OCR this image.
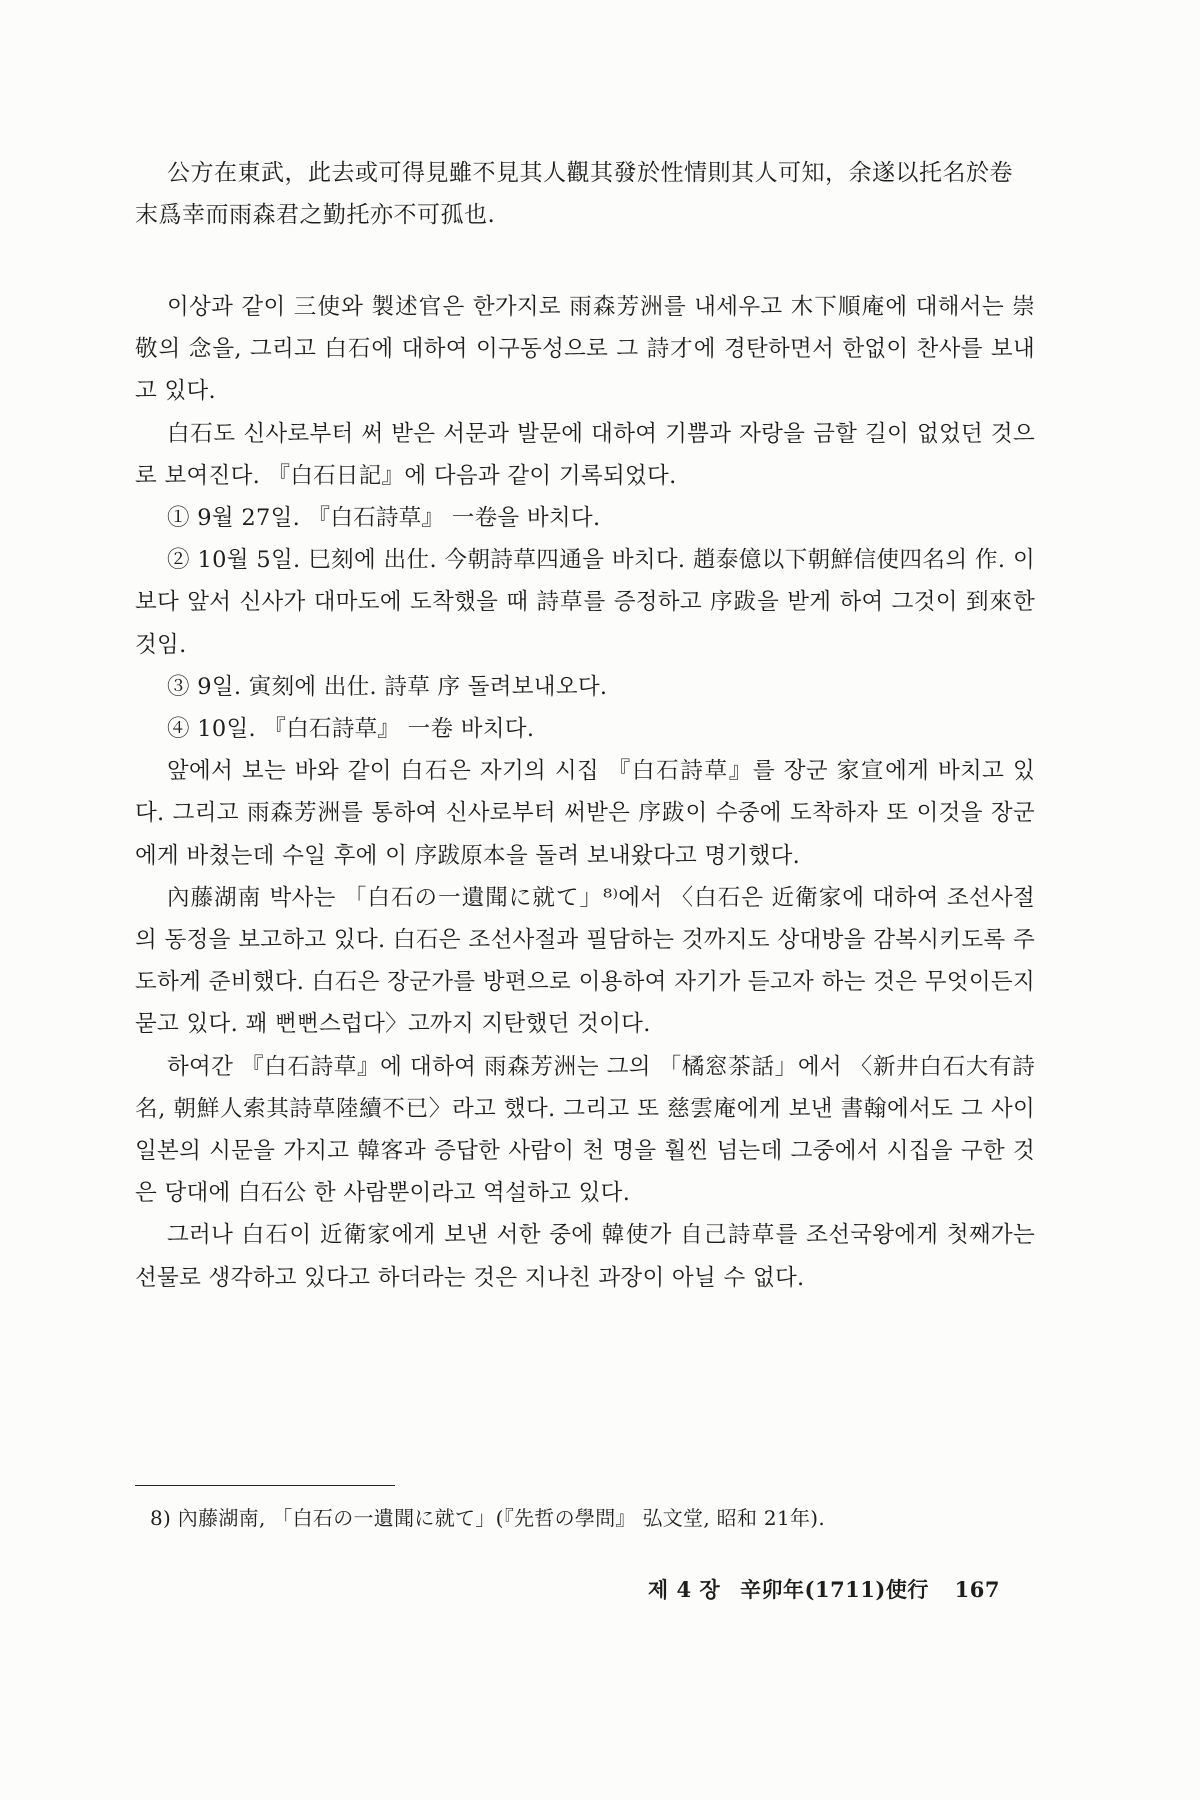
公方在東武，此去或可得見雖不見其人觀其發於性情則其人可知，余遂以托名於卷末爲幸而雨森君之勤托亦不可孤也.

이상과 같이 三使와 製述官은 한가지로 雨森芳洲를 내세우고 木下順庵에 대해서는 崇敬의 念을, 그리고 白石에 대하여 이구동성으로 그 詩才에 경탄하면서 한없이 찬사를 보내고 있다.

白石도 신사로부터 써 받은 서문과 발문에 대하여 기쁨과 자랑을 금할 길이 없었던 것으로 보여진다. 『白石日記』에 다음과 같이 기록되었다.

① 9월 27일. 『白石詩草』 一卷을 바치다.

② 10월 5일. 巳刻에 出仕. 今朝詩草四通을 바치다. 趙泰億以下朝鮮信使四名의 作. 이보다 앞서 신사가 대마도에 도착했을 때 詩草를 증정하고 序跋을 받게 하여 그것이 到來한 것임.

③ 9일. 寅刻에 出仕. 詩草 序 돌려보내오다.

④ 10일. 『白石詩草』 一卷 바치다.

앞에서 보는 바와 같이 白石은 자기의 시집 『白石詩草』를 장군 家宣에게 바치고 있다. 그리고 雨森芳洲를 통하여 신사로부터 써받은 序跋이 수중에 도착하자 또 이것을 장군에게 바쳤는데 수일 후에 이 序跋原本을 돌려 보내왔다고 명기했다.

內藤湖南 박사는 「白石の一遺聞に就て」⁸⁾에서 〈白石은 近衛家에 대하여 조선사절의 동정을 보고하고 있다. 白石은 조선사절과 필담하는 것까지도 상대방을 감복시키도록 주도하게 준비했다. 白石은 장군가를 방편으로 이용하여 자기가 듣고자 하는 것은 무엇이든지 묻고 있다. 꽤 뻔뻔스럽다〉고까지 지탄했던 것이다.

하여간 『白石詩草』에 대하여 雨森芳洲는 그의 「橘窓茶話」에서 〈新井白石大有詩名, 朝鮮人索其詩草陸續不已〉라고 했다. 그리고 또 慈雲庵에게 보낸 書翰에서도 그 사이 일본의 시문을 가지고 韓客과 증답한 사람이 천 명을 훨씬 넘는데 그중에서 시집을 구한 것은 당대에 白石公 한 사람뿐이라고 역설하고 있다.

그러나 白石이 近衛家에게 보낸 서한 중에 韓使가 自己詩草를 조선국왕에게 첫째가는 선물로 생각하고 있다고 하더라는 것은 지나친 과장이 아닐 수 없다.

8) 內藤湖南, 「白石の一遺聞に就て」(『先哲の學問』 弘文堂, 昭和 21年).
제 4 장 辛卯年(1711)使行 167
